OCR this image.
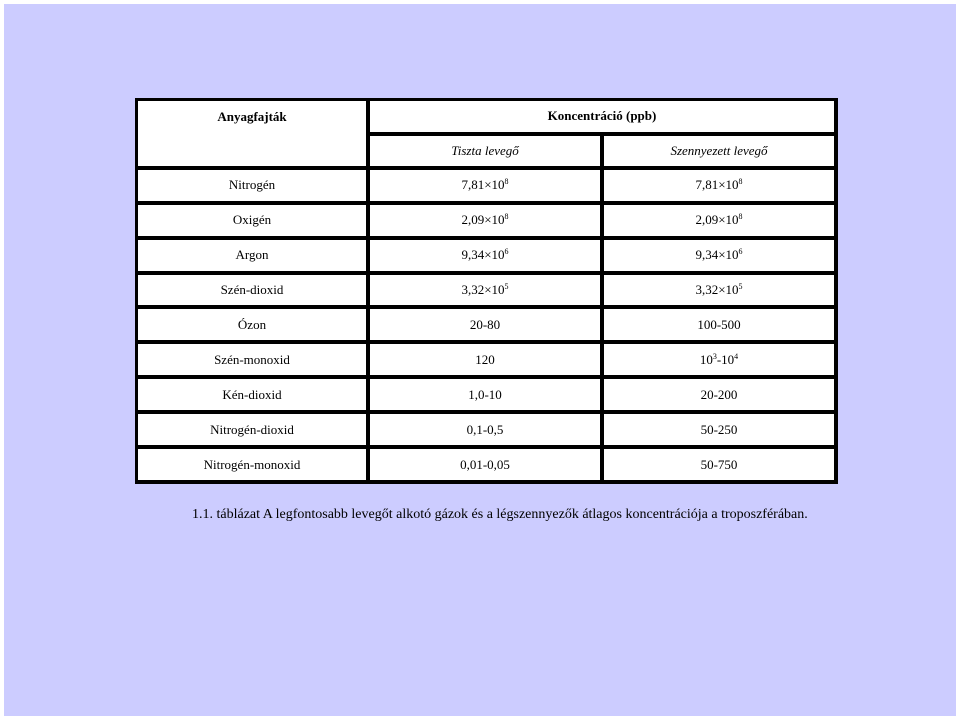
Anyagfajták	Koncentráció (ppb)	
	Tiszta levegő	Szennyezett levegő
Nitrogén	$7,81\times 10^8$	$7,81\times 10^8$
Oxigén	$2,09\times 10^8$	$2,09\times 10^8$
Argon	$9,34\times 10^6$	$9,34\times 10^6$
Szén-dioxid	$3,32\times 10^5$	$3,32\times 10^5$
Ózon	20-80	100-500
Szén-monoxid	120	$10^3-10^4$
Kén-dioxid	1,0-10	20-200
Nitrogén-dioxid	0,1-0,5	50-250
Nitrogén-monoxid	0,01-0,05	50-750
1.1. táblázat A legfontosabb levegőt alkotó gázok és a légszennyezők átlagos koncentrációja a troposzférában.
